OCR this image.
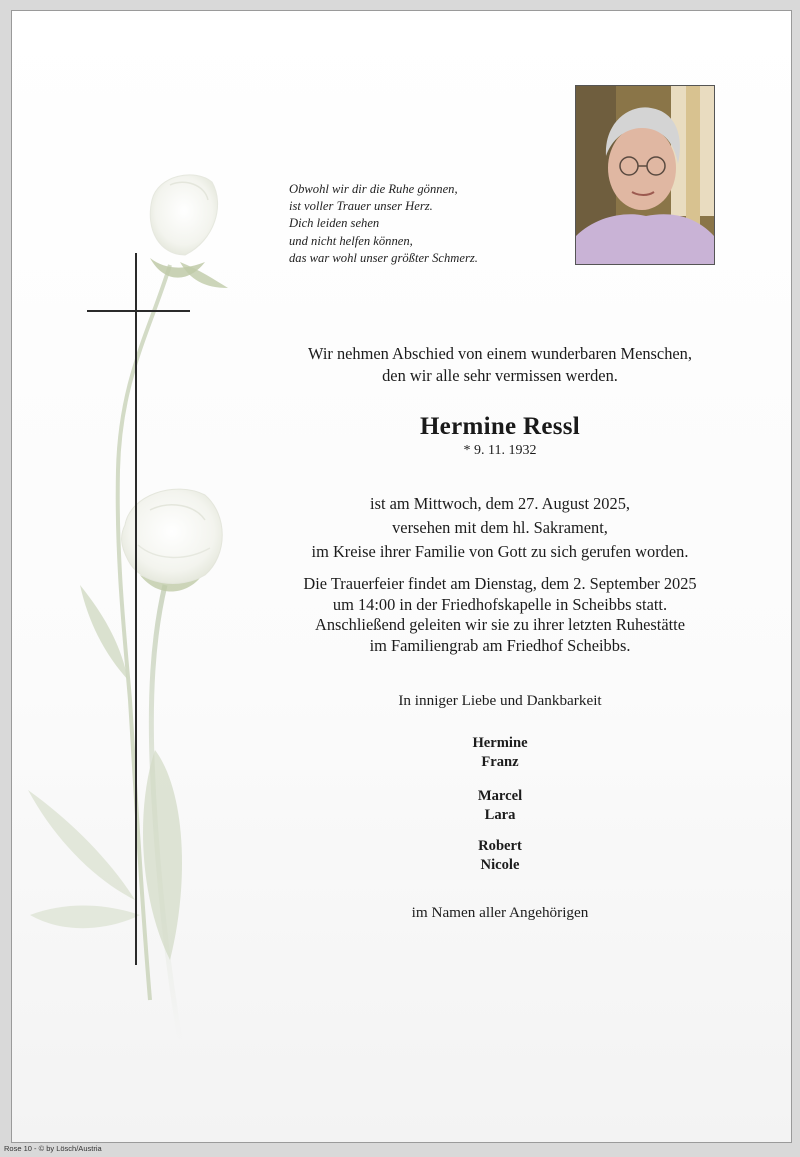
Obwohl wir dir die Ruhe gönnen,
ist voller Trauer unser Herz.
Dich leiden sehen
und nicht helfen können,
das war wohl unser größter Schmerz.
Wir nehmen Abschied von einem wunderbaren Menschen,
den wir alle sehr vermissen werden.
Hermine Ressl
* 9. 11. 1932
ist am Mittwoch, dem 27. August 2025,
versehen mit dem hl. Sakrament,
im Kreise ihrer Familie von Gott zu sich gerufen worden.
Die Trauerfeier findet am Dienstag, dem 2. September 2025
um 14:00 in der Friedhofskapelle in Scheibbs statt.
Anschließend geleiten wir sie zu ihrer letzten Ruhestätte
im Familiengrab am Friedhof Scheibbs.
In inniger Liebe und Dankbarkeit
Hermine
Franz
Marcel
Lara
Robert
Nicole
im Namen aller Angehörigen
Rose 10 - © by Lösch/Austria
